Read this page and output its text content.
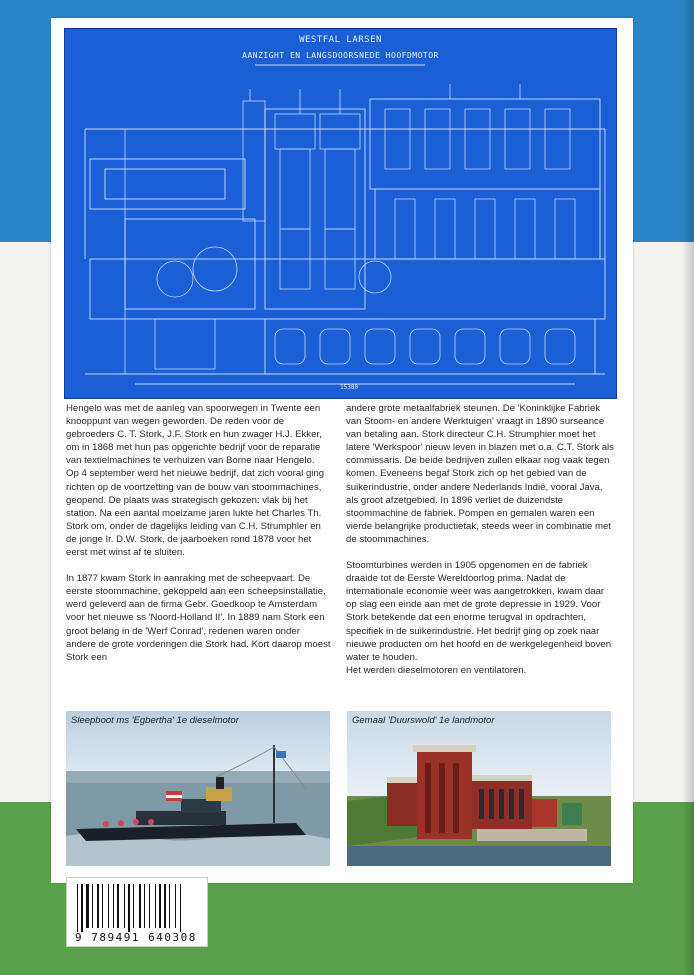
WESTFAL LARSEN
AANZIGHT EN LANGSDOORSNEDE HOOFDMOTOR
15380

Hengelo was met de aanleg van spoorwegen in Twente een knooppunt van wegen geworden. De reden voor de gebroeders C. T. Stork, J.F. Stork en hun zwager H.J. Ekker, om in 1868 met hun pas opgerichte bedrijf voor de reparatie van textielmachines te verhuizen van Borne naar Hengelo.
Op 4 september werd het nieuwe bedrijf, dat zich vooral ging richten op de voortzetting van de bouw van stoommachines, geopend. De plaats was strategisch gekozen: vlak bij het station. Na een aantal moeizame jaren lukte het Charles Th. Stork om, onder de dagelijks leiding van C.H. Strumphler en de jonge Ir. D.W. Stork, de jaarboeken rond 1878 voor het eerst met winst af te sluiten.

In 1877 kwam Stork in aanraking met de scheepvaart. De eerste stoommachine, gekoppeld aan een scheepsinstallatie, werd geleverd aan de firma Gebr. Goedkoop te Amsterdam voor het nieuwe ss 'Noord-Holland II'. In 1889 nam Stork een groot belang in de 'Werf Conrad', redenen waren onder andere de grote vorderingen die Stork had. Kort daarop moest Stork een

andere grote metaalfabriek steunen. De 'Koninklijke Fabriek van Stoom- en andere Werktuigen' vraagt in 1890 surseance van betaling aan. Stork directeur C.H. Strumphier moet het latere 'Werkspoor' nieuw leven in blazen met o.a. C.T. Stork als commissaris. De beide bedrijven zullen elkaar nog vaak tegen komen. Eveneens begaf Stork zich op het gebied van de suikerindustrie, onder andere Nederlands Indië, vooral Java, als groot afzetgebied. In 1896 verliet de duizendste stoommachine de fabriek. Pompen en gemalen waren een vierde belangrijke productietak, steeds weer in combinatie met de stoommachines.

Stoomturbines werden in 1905 opgenomen en de fabriek draaide tot de Eerste Wereldoorlog prima. Nadat de internationale economie weer was aangetrokken, kwam daar op slag een einde aan met de grote depressie in 1929. Voor Stork betekende dat een enorme terugval in opdrachten, specifiek in de suikerindustrie. Het bedrijf ging op zoek naar nieuwe producten om het hoofd en de werkgelegenheid boven water te houden.
Het werden dieselmotoren en ventilatoren.

Sleepboot ms 'Egbertha' 1e dieselmotor	Gemaal 'Duurswold' 1e landmotor
9 789491 640308
